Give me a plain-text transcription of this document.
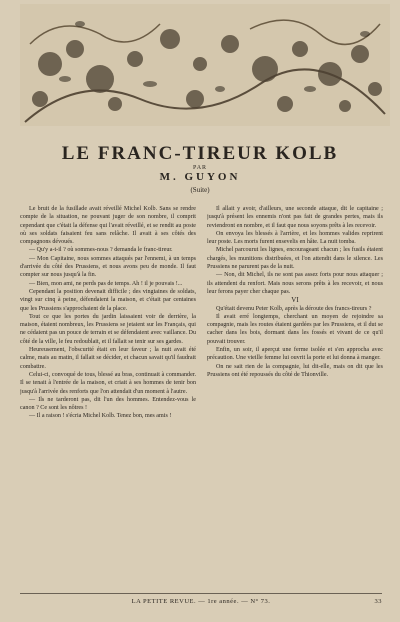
LE FRANC-TIREUR KOLB
PAR
M. GUYON
(Suite)

Le bruit de la fusillade avait réveillé Michel Kolb. Sans se rendre compte de la situation, ne pouvant juger de son nombre, il comprit cependant que c'était la défense qui l'avait réveillé, et se rendit au poste où ses soldats faisaient feu sans relâche. Il avait à ses côtés des compagnons dévoués.

— Qu'y a-t-il ? où sommes-nous ? demanda le franc-tireur.

— Mon Capitaine, nous sommes attaqués par l'ennemi, à un temps d'arrivée du côté des Prussiens, et nous avons peu de monde. Il faut compter sur nous jusqu'à la fin.

— Bien, mon ami, ne perds pas de temps. Ah ! il je pouvais !...

Cependant la position devenait difficile ; des vingtaines de soldats, vingt sur cinq à peine, défendaient la maison, et c'était par centaines que les Prussiens s'approchaient de la place.

Tout ce que les portes du jardin laissaient voir de derrière, la maison, étaient nombreux, les Prussiens se jetaient sur les Français, qui ne cédaient pas un pouce de terrain et se défendaient avec vaillance. Du côté de la ville, le feu redoublait, et il fallait se tenir sur ses gardes.

Heureusement, l'obscurité était en leur faveur ; la nuit avait été calme, mais au matin, il fallait se décider, et chacun savait qu'il faudrait combattre.

Celui-ci, convoqué de tous, blessé au bras, continuait à commander. Il se tenait à l'entrée de la maison, et criait à ses hommes de tenir bon jusqu'à l'arrivée des renforts que l'on attendait d'un moment à l'autre.

— Ils ne tarderont pas, dit l'un des hommes. Entendez-vous le canon ? Ce sont les nôtres !

— Il a raison ! s'écria Michel Kolb. Tenez bon, mes amis !

Il allait y avoir, d'ailleurs, une seconde attaque, dit le capitaine ; jusqu'à présent les ennemis n'ont pas fait de grandes pertes, mais ils reviendront en nombre, et il faut que nous soyons prêts à les recevoir.

On envoya les blessés à l'arrière, et les hommes valides reprirent leur poste. Les morts furent ensevelis en hâte. La nuit tomba.

Michel parcourut les lignes, encourageant chacun ; les fusils étaient chargés, les munitions distribuées, et l'on attendit dans le silence. Les Prussiens ne parurent pas de la nuit.

— Non, dit Michel, ils ne sont pas assez forts pour nous attaquer ; ils attendent du renfort. Mais nous serons prêts à les recevoir, et nous leur ferons payer cher chaque pas.

VI

Qu'était devenu Peter Kolb, après la déroute des francs-tireurs ?

Il avait erré longtemps, cherchant un moyen de rejoindre sa compagnie, mais les routes étaient gardées par les Prussiens, et il dut se cacher dans les bois, dormant dans les fossés et vivant de ce qu'il pouvait trouver.

Enfin, un soir, il aperçut une ferme isolée et s'en approcha avec précaution. Une vieille femme lui ouvrit la porte et lui donna à manger.

On ne sait rien de la compagnie, lui dit-elle, mais on dit que les Prussiens ont été repoussés du côté de Thionville.

LA PETITE REVUE. — 1re année. — N° 73.	33
